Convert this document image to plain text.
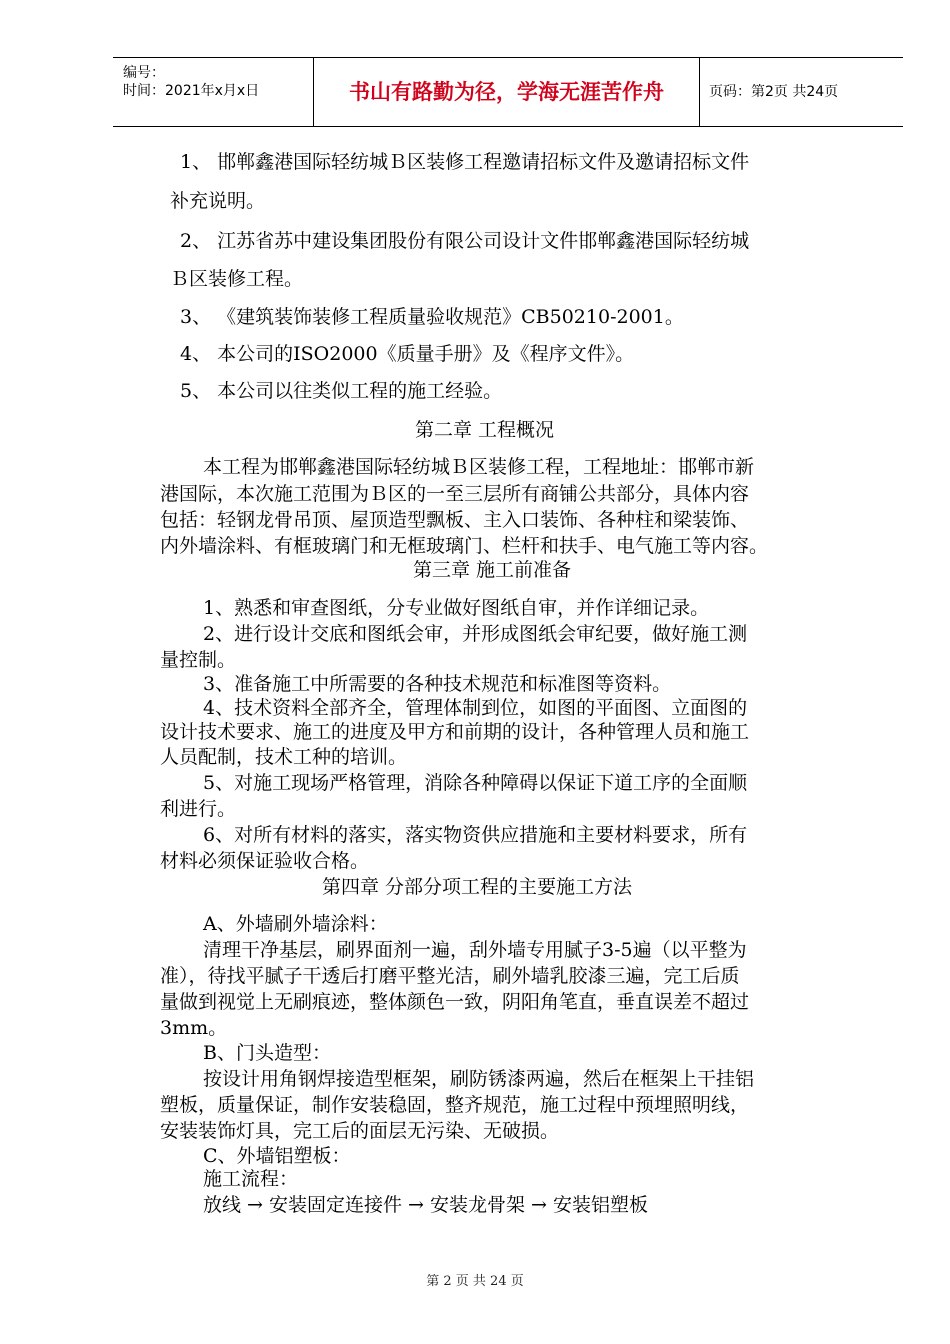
编号：
时间：2021年x月x日	书山有路勤为径，学海无涯苦作舟	页码：第2页 共24页
1、 邯郸鑫港国际轻纺城Ｂ区装修工程邀请招标文件及邀请招标文件
补充说明。
2、 江苏省苏中建设集团股份有限公司设计文件邯郸鑫港国际轻纺城
Ｂ区装修工程。
3、 《建筑装饰装修工程质量验收规范》CB50210-2001。
4、 本公司的ISO2000《质量手册》及《程序文件》。
5、 本公司以往类似工程的施工经验。
第二章 工程概况
本工程为邯郸鑫港国际轻纺城Ｂ区装修工程，工程地址：邯郸市新
港国际，本次施工范围为Ｂ区的一至三层所有商铺公共部分，具体内容
包括：轻钢龙骨吊顶、屋顶造型飘板、主入口装饰、各种柱和梁装饰、
内外墙涂料、有框玻璃门和无框玻璃门、栏杆和扶手、电气施工等内容。
第三章 施工前准备
1、熟悉和审查图纸，分专业做好图纸自审，并作详细记录。
2、进行设计交底和图纸会审，并形成图纸会审纪要，做好施工测
量控制。
3、准备施工中所需要的各种技术规范和标准图等资料。
4、技术资料全部齐全，管理体制到位，如图的平面图、立面图的
设计技术要求、施工的进度及甲方和前期的设计，各种管理人员和施工
人员配制，技术工种的培训。
5、对施工现场严格管理，消除各种障碍以保证下道工序的全面顺
利进行。
6、对所有材料的落实，落实物资供应措施和主要材料要求，所有
材料必须保证验收合格。
第四章 分部分项工程的主要施工方法
A、外墙刷外墙涂料：
清理干净基层，刷界面剂一遍，刮外墙专用腻子3-5遍（以平整为
准），待找平腻子干透后打磨平整光洁，刷外墙乳胶漆三遍，完工后质
量做到视觉上无刷痕迹，整体颜色一致，阴阳角笔直，垂直误差不超过
3mm。
B、门头造型：
按设计用角钢焊接造型框架，刷防锈漆两遍，然后在框架上干挂铝
塑板，质量保证，制作安装稳固，整齐规范，施工过程中预埋照明线，
安装装饰灯具，完工后的面层无污染、无破损。
C、外墙铝塑板：
施工流程：
放线 → 安装固定连接件 → 安装龙骨架 → 安装铝塑板
第 2 页 共 24 页
